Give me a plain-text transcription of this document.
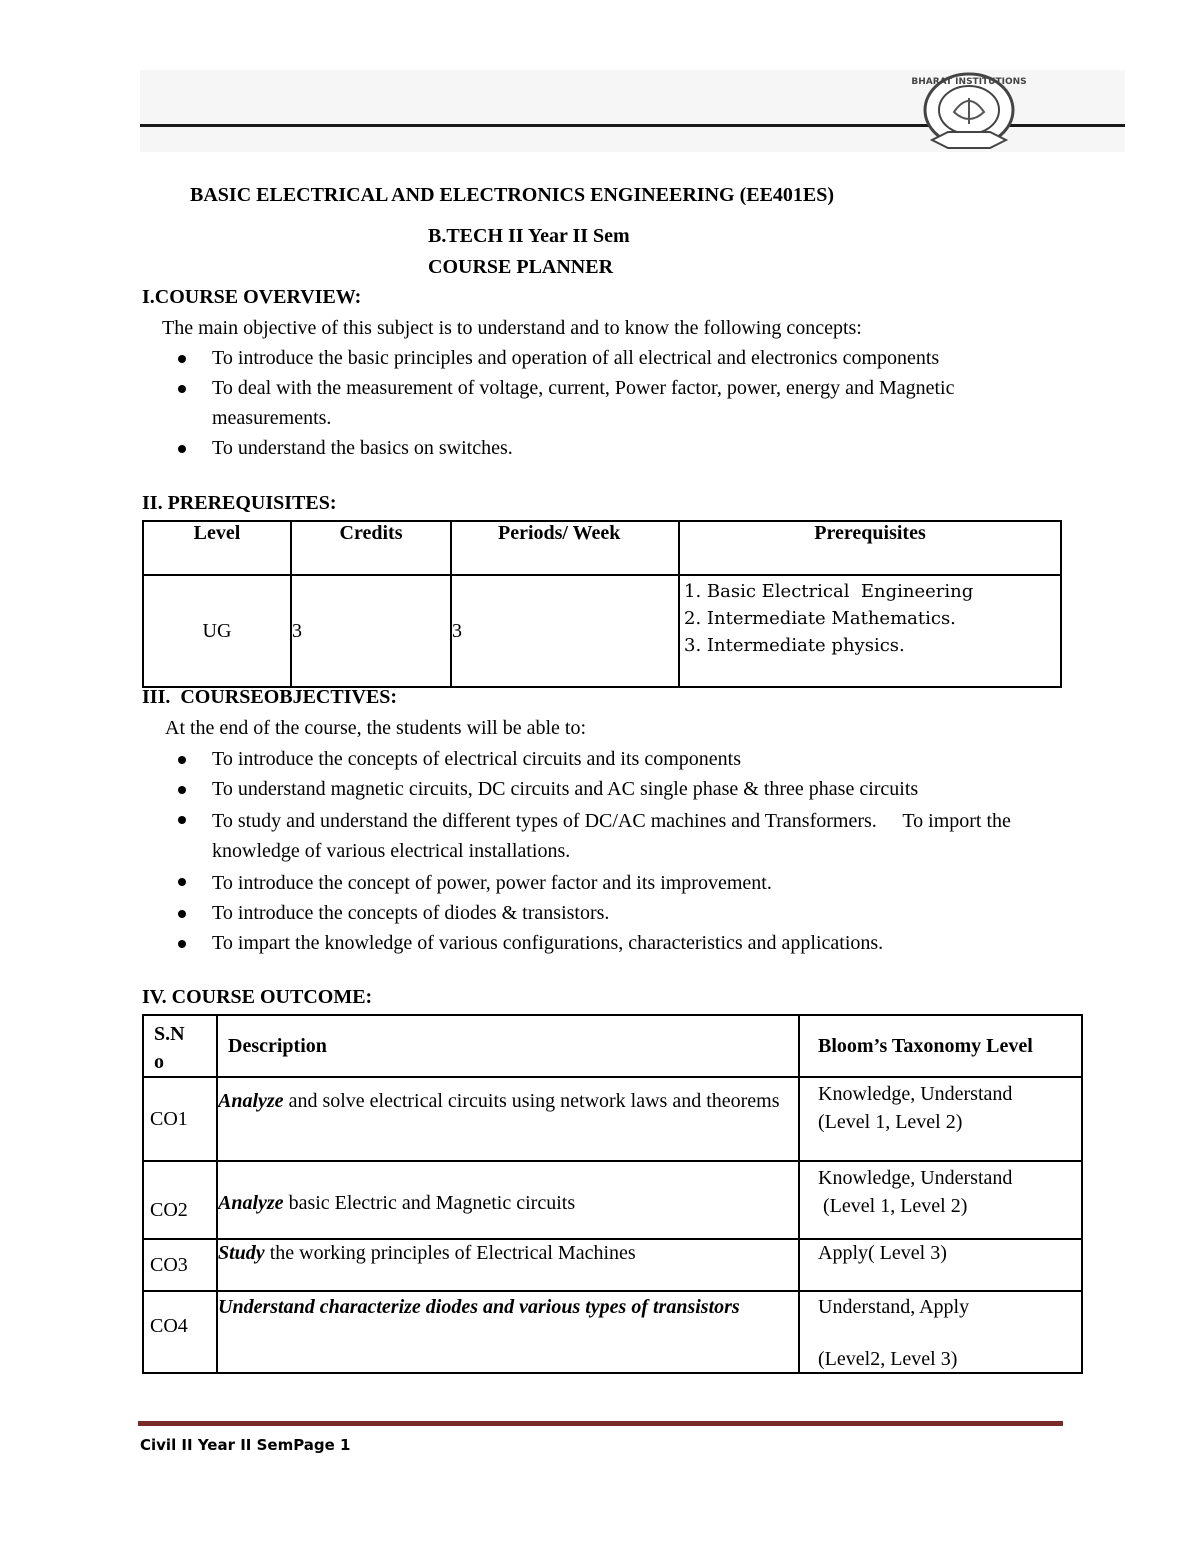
BHARAT INSTITUTIONS
BASIC ELECTRICAL AND ELECTRONICS ENGINEERING (EE401ES)
B.TECH II Year II Sem
COURSE PLANNER
I.COURSE OVERVIEW:
The main objective of this subject is to understand and to know the following concepts:
To introduce the basic principles and operation of all electrical and electronics components
To deal with the measurement of voltage, current, Power factor, power, energy and Magnetic measurements.
To understand the basics on switches.
II. PREREQUISITES:
Level	Credits	Periods/ Week	Prerequisites
UG	3	3	1. Basic Electrical  Engineering
2. Intermediate Mathematics.
3. Intermediate physics.
III.  COURSEOBJECTIVES:
At the end of the course, the students will be able to:
To introduce the concepts of electrical circuits and its components
To understand magnetic circuits, DC circuits and AC single phase & three phase circuits
To study and understand the different types of DC/AC machines and Transformers. To import the knowledge of various electrical installations.
To introduce the concept of power, power factor and its improvement.
To introduce the concepts of diodes & transistors.
To impart the knowledge of various configurations, characteristics and applications.
IV. COURSE OUTCOME:
S.N o	Description	Bloom’s Taxonomy Level
CO1	Analyze and solve electrical circuits using network laws and theorems	Knowledge, Understand
(Level 1, Level 2)

CO2	Analyze basic Electric and Magnetic circuits	Knowledge, Understand
(Level 1, Level 2)

CO3	Study the working principles of Electrical Machines	Apply( Level 3)

CO4	Understand characterize diodes and various types of transistors	Understand, Apply
(Level2, Level 3)
Civil II Year II SemPage 1
